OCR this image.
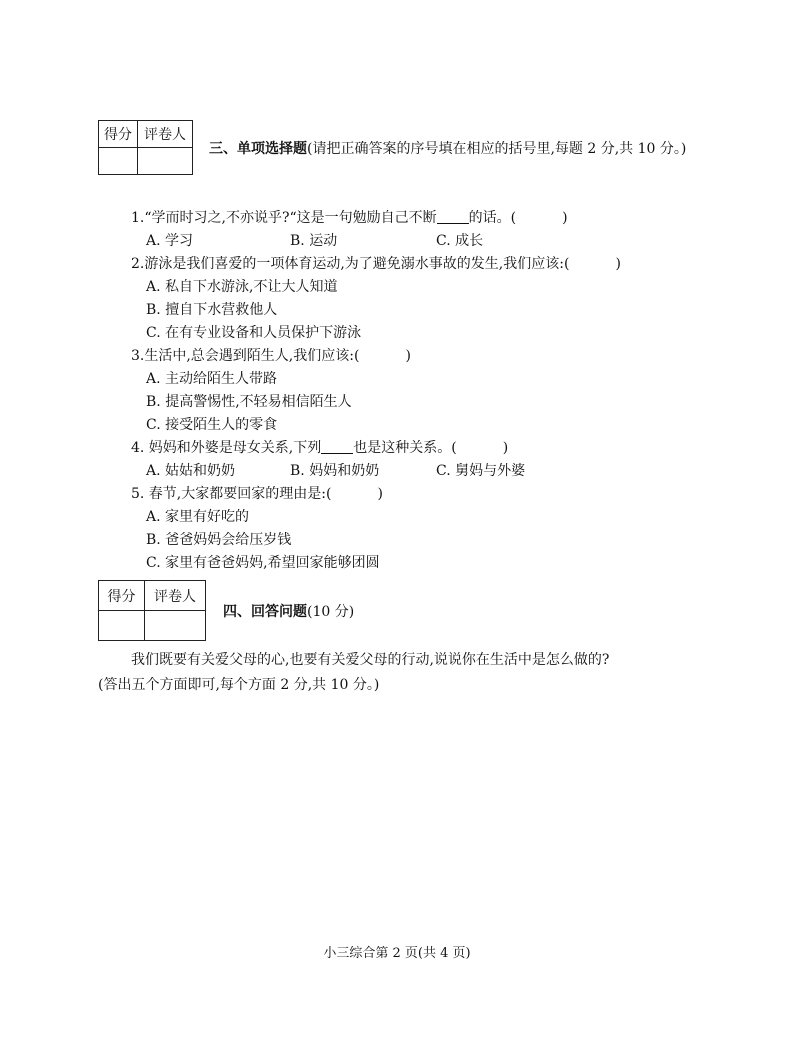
得分	评卷人

三、单项选择题(请把正确答案的序号填在相应的括号里,每题 2 分,共 10 分。)
1.“学而时习之,不亦说乎?“这是一句勉励自己不断 的话。(	)
A. 学习	B. 运动	C. 成长
2.游泳是我们喜爱的一项体育运动,为了避免溺水事故的发生,我们应该:(	)
A. 私自下水游泳,不让大人知道
B. 擅自下水营救他人
C. 在有专业设备和人员保护下游泳
3.生活中,总会遇到陌生人,我们应该:(	)
A. 主动给陌生人带路
B. 提高警惕性,不轻易相信陌生人
C. 接受陌生人的零食
4. 妈妈和外婆是母女关系,下列 也是这种关系。(	)
A. 姑姑和奶奶	B. 妈妈和奶奶	C. 舅妈与外婆
5. 春节,大家都要回家的理由是:(	)
A. 家里有好吃的
B. 爸爸妈妈会给压岁钱
C. 家里有爸爸妈妈,希望回家能够团圆
得分	评卷人

四、回答问题(10 分)
我们既要有关爱父母的心,也要有关爱父母的行动,说说你在生活中是怎么做的?
(答出五个方面即可,每个方面 2 分,共 10 分。)
小三综合第 2 页(共 4 页)
